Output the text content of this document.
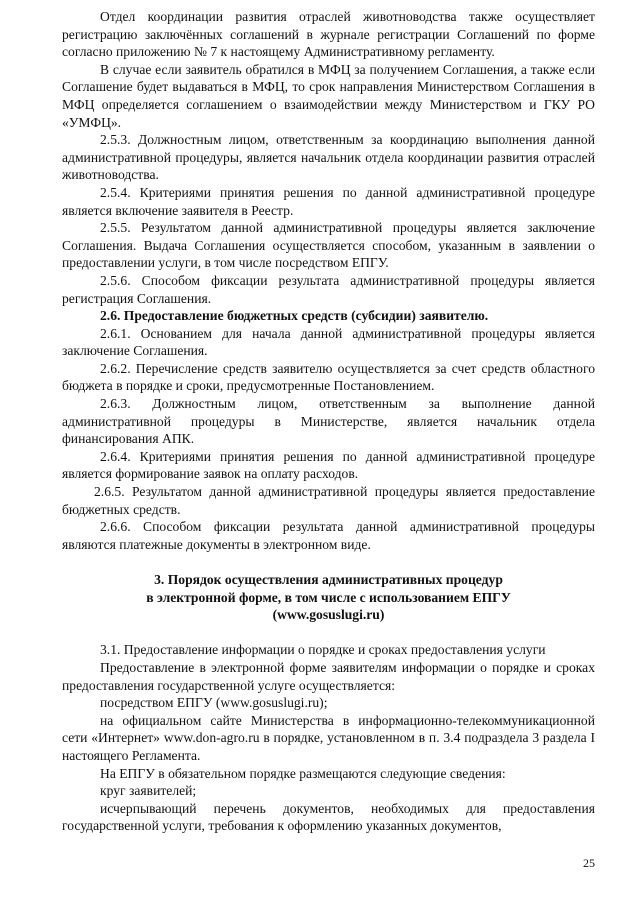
Отдел координации развития отраслей животноводства также осуществляет регистрацию заключённых соглашений в журнале регистрации Соглашений по форме согласно приложению № 7 к настоящему Административному регламенту.

В случае если заявитель обратился в МФЦ за получением Соглашения, а также если Соглашение будет выдаваться в МФЦ, то срок направления Министерством Соглашения в МФЦ определяется соглашением о взаимодействии между Министерством и ГКУ РО «УМФЦ».

2.5.3. Должностным лицом, ответственным за координацию выполнения данной административной процедуры, является начальник отдела координации развития отраслей животноводства.

2.5.4. Критериями принятия решения по данной административной процедуре является включение заявителя в Реестр.

2.5.5. Результатом данной административной процедуры является заключение Соглашения. Выдача Соглашения осуществляется способом, указанным в заявлении о предоставлении услуги, в том числе посредством ЕПГУ.

2.5.6. Способом фиксации результата административной процедуры является регистрация Соглашения.

2.6. Предоставление бюджетных средств (субсидии) заявителю.

2.6.1. Основанием для начала данной административной процедуры является заключение Соглашения.

2.6.2. Перечисление средств заявителю осуществляется за счет средств областного бюджета в порядке и сроки, предусмотренные Постановлением.

2.6.3. Должностным лицом, ответственным за выполнение данной административной процедуры в Министерстве, является начальник отдела финансирования АПК.

2.6.4. Критериями принятия решения по данной административной процедуре является формирование заявок на оплату расходов.

2.6.5. Результатом данной административной процедуры является предоставление бюджетных средств.

2.6.6. Способом фиксации результата данной административной процедуры являются платежные документы в электронном виде.

3. Порядок осуществления административных процедур

в электронной форме, в том числе с использованием ЕПГУ

(www.gosuslugi.ru)

3.1. Предоставление информации о порядке и сроках предоставления услуги

Предоставление в электронной форме заявителям информации о порядке и сроках предоставления государственной услуге осуществляется:

посредством ЕПГУ (www.gosuslugi.ru);

на официальном сайте Министерства в информационно-телекоммуникационной сети «Интернет» www.don-agro.ru в порядке, установленном в п. 3.4 подраздела 3 раздела I настоящего Регламента.

На ЕПГУ в обязательном порядке размещаются следующие сведения:

круг заявителей;

исчерпывающий перечень документов, необходимых для предоставления государственной услуги, требования к оформлению указанных документов,

25
